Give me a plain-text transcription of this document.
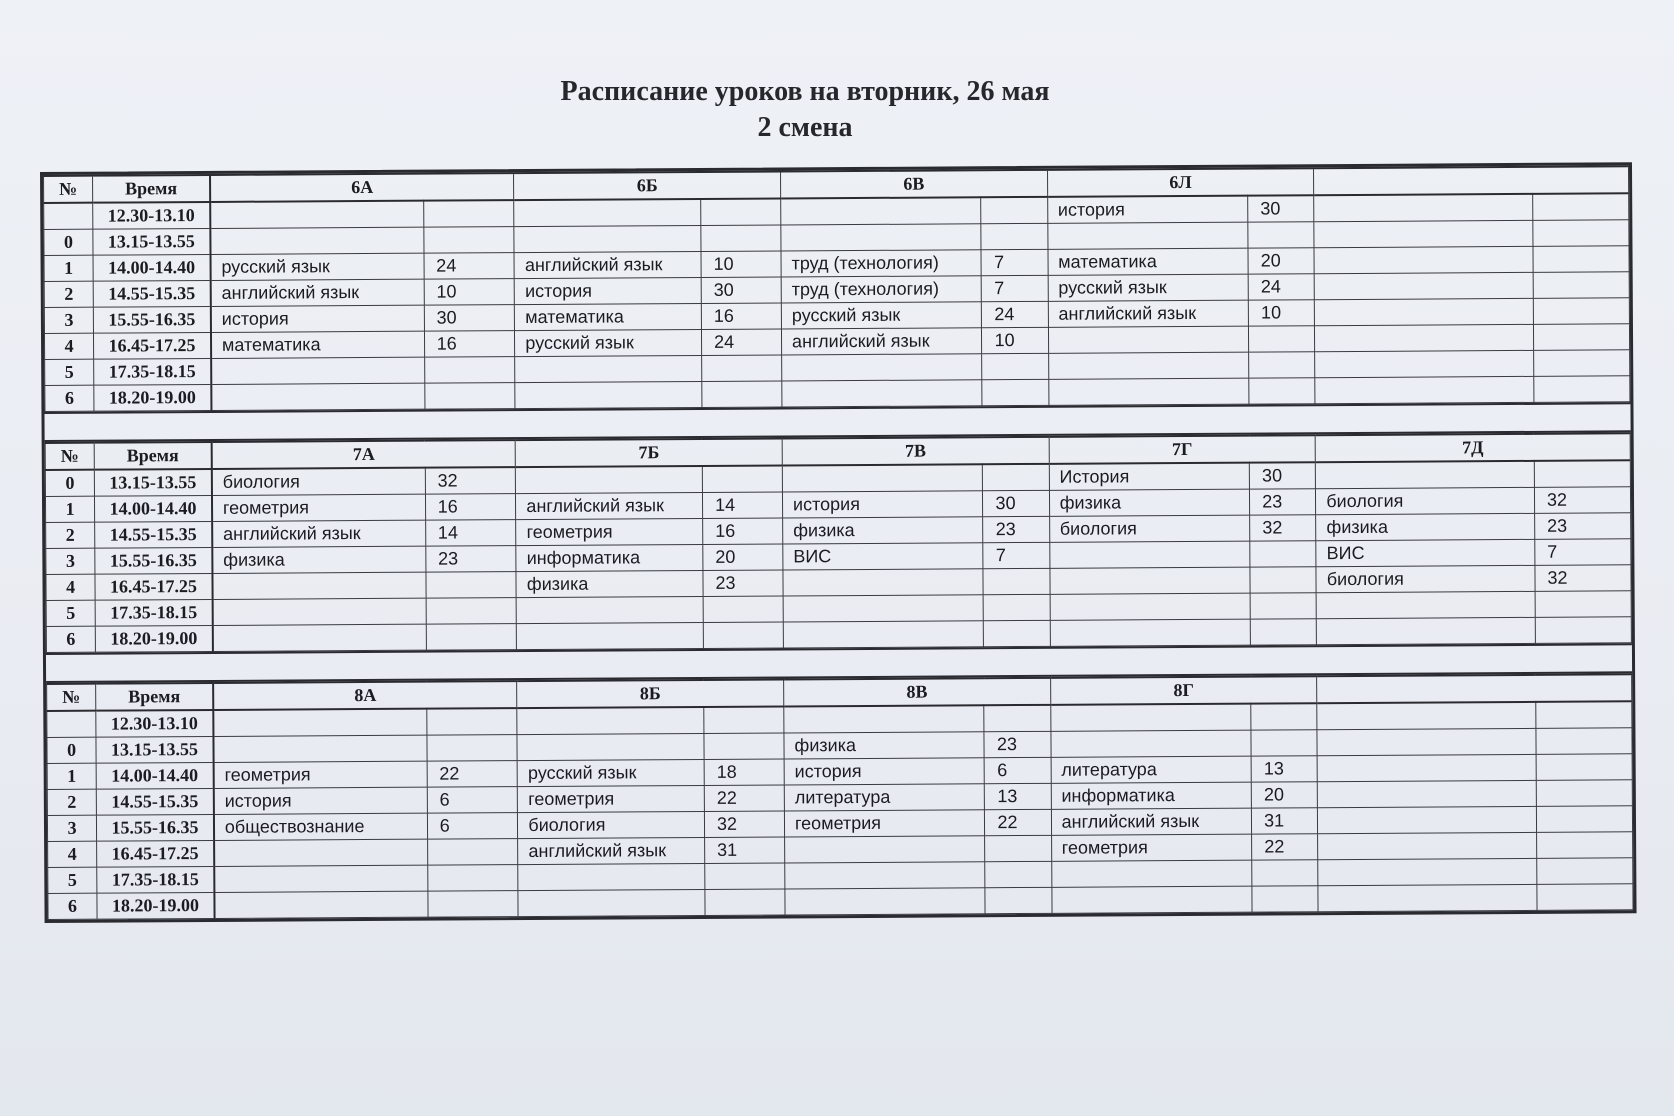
Расписание уроков на вторник, 26 мая
2 смена
№	Время	6А		6Б		6В		6Л			
	12.30-13.10							история	30		
0	13.15-13.55										
1	14.00-14.40	русский язык	24	английский язык	10	труд (технология)	7	математика	20		
2	14.55-15.35	английский язык	10	история	30	труд (технология)	7	русский язык	24		
3	15.55-16.35	история	30	математика	16	русский язык	24	английский язык	10		
4	16.45-17.25	математика	16	русский язык	24	английский язык	10				
5	17.35-18.15										
6	18.20-19.00										
№	Время	7А		7Б		7В		7Г		7Д	
0	13.15-13.55	биология	32					История	30		
1	14.00-14.40	геометрия	16	английский язык	14	история	30	физика	23	биология	32
2	14.55-15.35	английский язык	14	геометрия	16	физика	23	биология	32	физика	23
3	15.55-16.35	физика	23	информатика	20	ВИС	7			ВИС	7
4	16.45-17.25			физика	23					биология	32
5	17.35-18.15										
6	18.20-19.00										
№	Время	8А		8Б		8В		8Г			
	12.30-13.10										
0	13.15-13.55					физика	23				
1	14.00-14.40	геометрия	22	русский язык	18	история	6	литература	13		
2	14.55-15.35	история	6	геометрия	22	литература	13	информатика	20		
3	15.55-16.35	обществознание	6	биология	32	геометрия	22	английский язык	31		
4	16.45-17.25			английский язык	31			геометрия	22		
5	17.35-18.15										
6	18.20-19.00										
